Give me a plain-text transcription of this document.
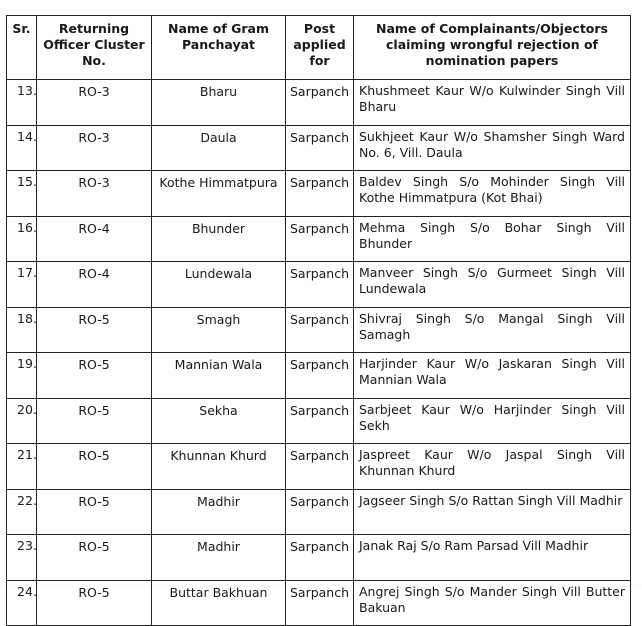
Sr.	Returning Officer Cluster No.	Name of Gram Panchayat	Post applied for	Name of Complainants/Objectors claiming wrongful rejection of nomination papers

13.	RO-3	Bharu	Sarpanch	Khushmeet Kaur W/o Kulwinder Singh Vill Bharu
14.	RO-3	Daula	Sarpanch	Sukhjeet Kaur W/o Shamsher Singh Ward No. 6, Vill. Daula
15.	RO-3	Kothe Himmatpura	Sarpanch	Baldev Singh S/o Mohinder Singh Vill Kothe Himmatpura (Kot Bhai)
16.	RO-4	Bhunder	Sarpanch	Mehma Singh S/o Bohar Singh Vill Bhunder
17.	RO-4	Lundewala	Sarpanch	Manveer Singh S/o Gurmeet Singh Vill Lundewala
18.	RO-5	Smagh	Sarpanch	Shivraj Singh S/o Mangal Singh Vill Samagh
19.	RO-5	Mannian Wala	Sarpanch	Harjinder Kaur W/o Jaskaran Singh Vill Mannian Wala
20.	RO-5	Sekha	Sarpanch	Sarbjeet Kaur W/o Harjinder Singh Vill Sekh
21.	RO-5	Khunnan Khurd	Sarpanch	Jaspreet Kaur W/o Jaspal Singh Vill Khunnan Khurd
22.	RO-5	Madhir	Sarpanch	Jagseer Singh S/o Rattan Singh Vill Madhir
23.	RO-5	Madhir	Sarpanch	Janak Raj S/o Ram Parsad Vill Madhir
24.	RO-5	Buttar Bakhuan	Sarpanch	Angrej Singh S/o Mander Singh Vill Butter Bakuan
